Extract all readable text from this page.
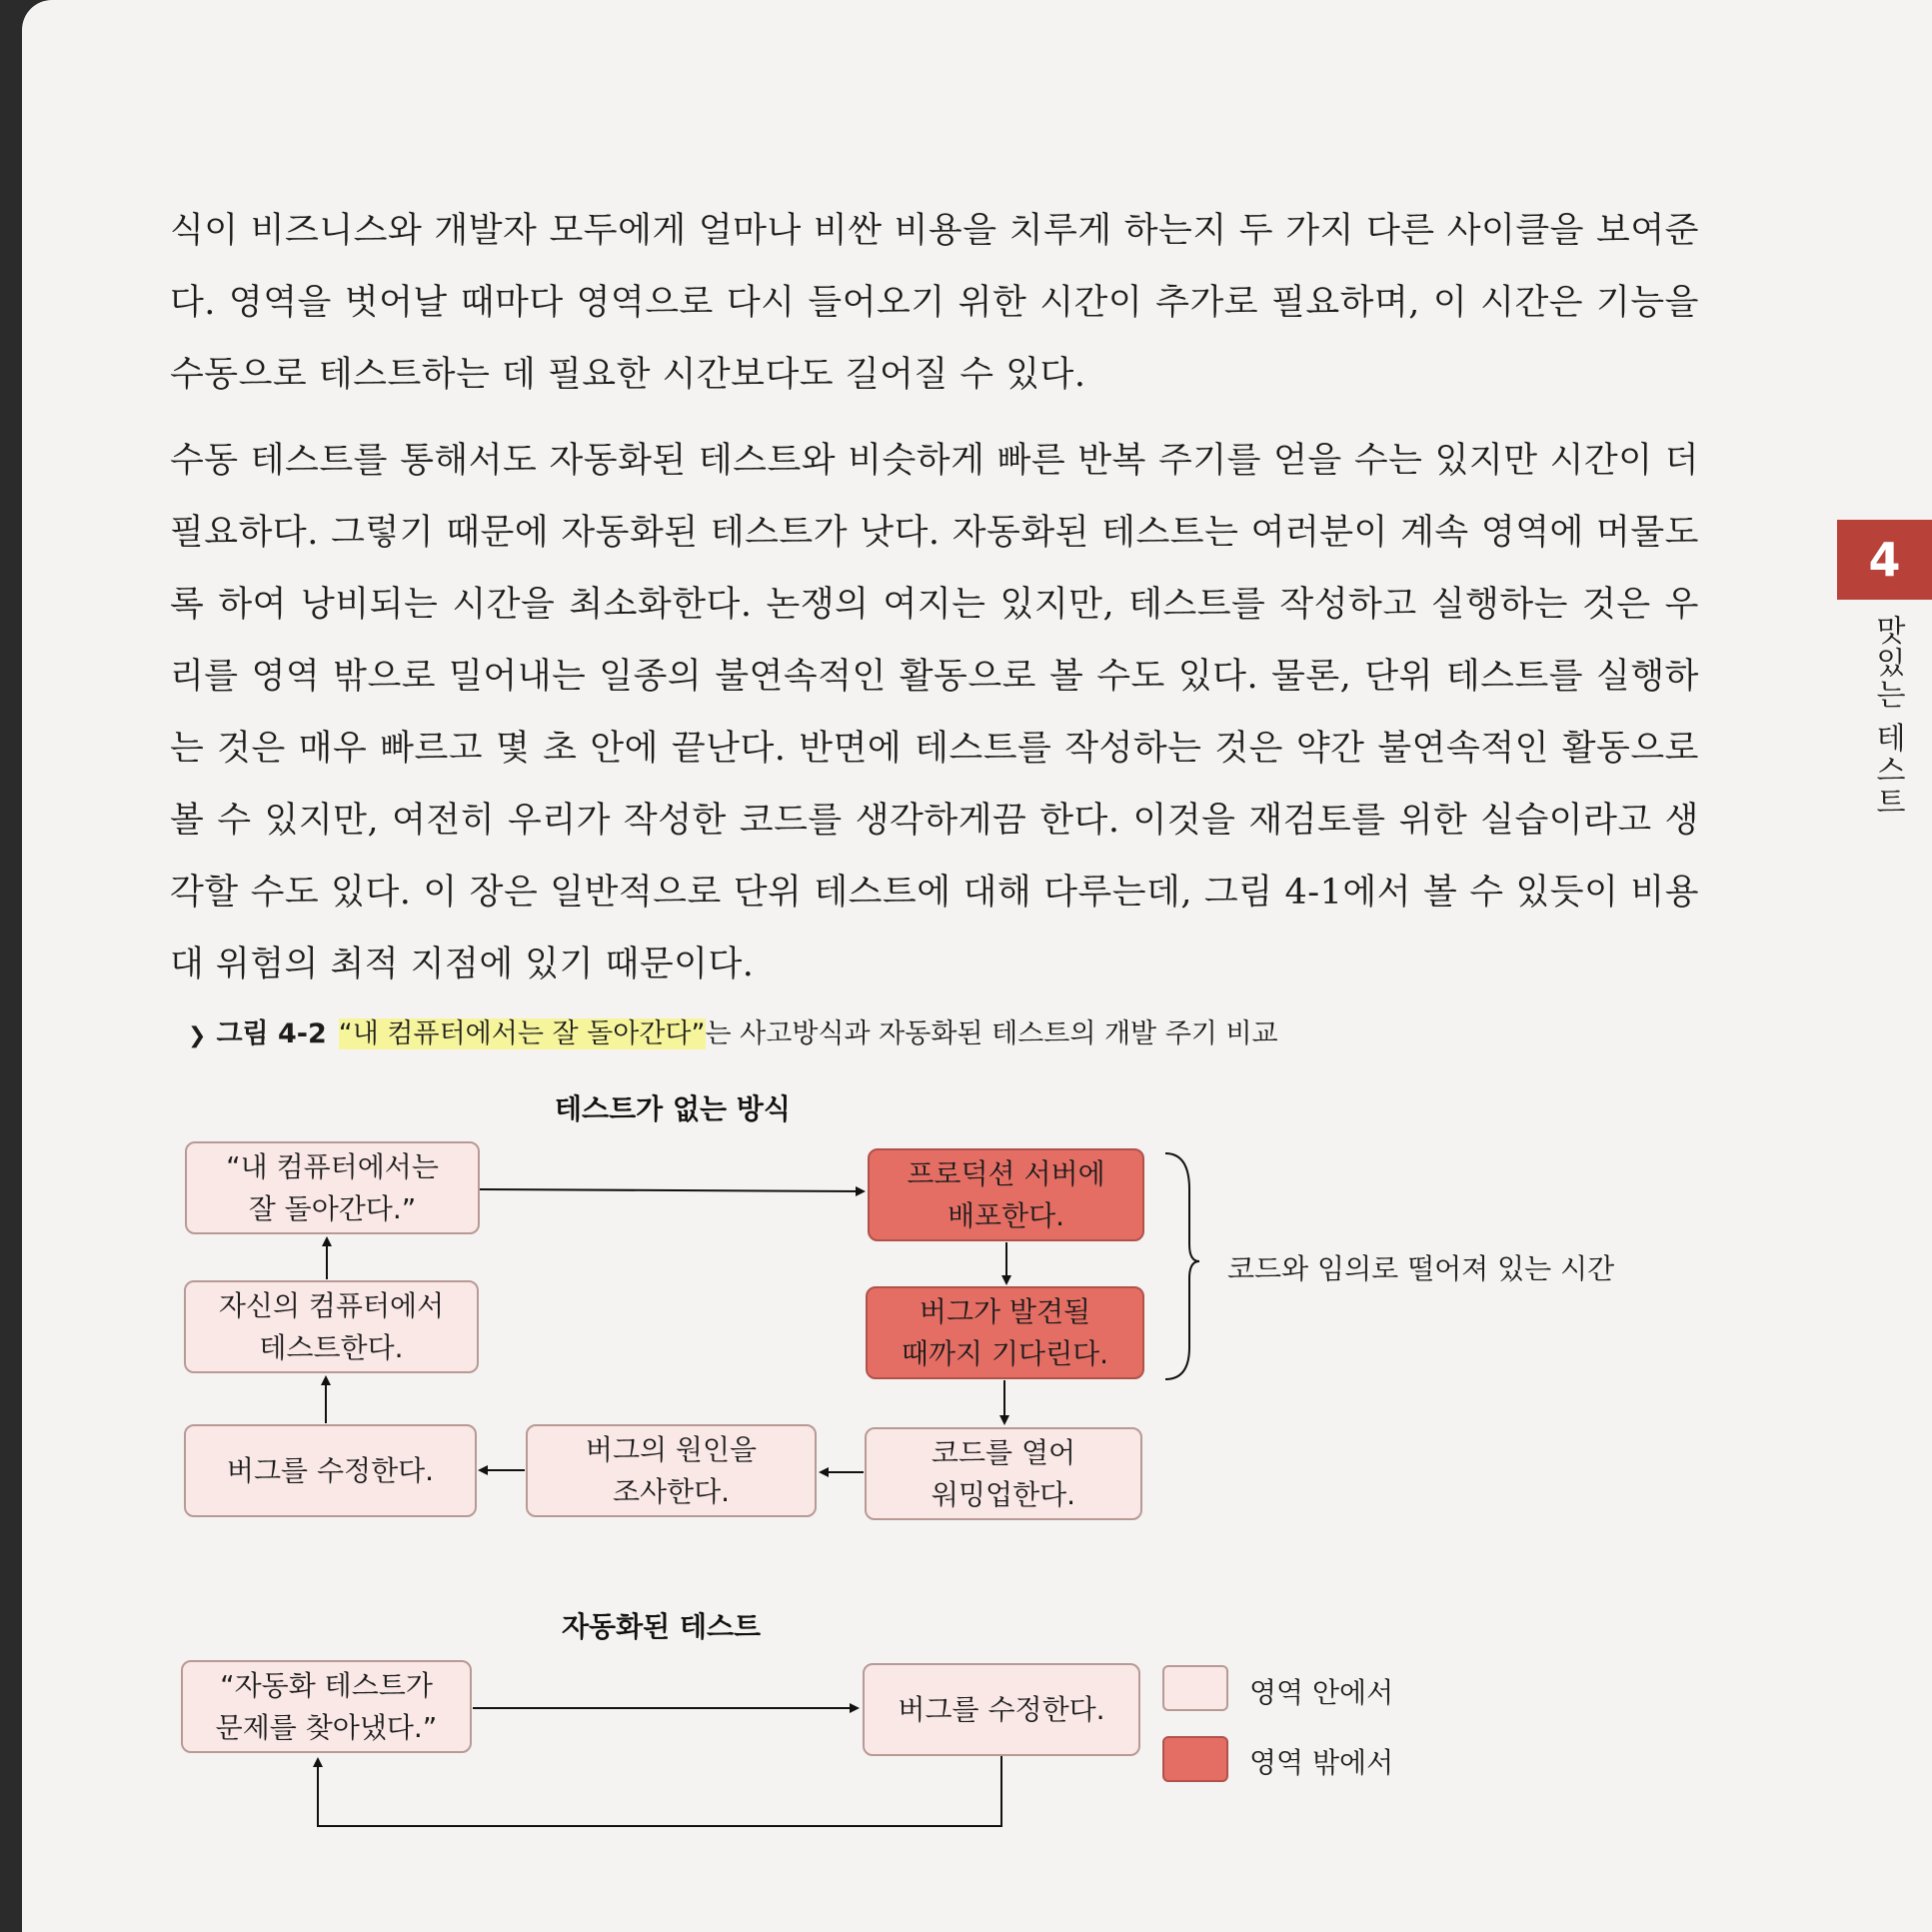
식이 비즈니스와 개발자 모두에게 얼마나 비싼 비용을 치루게 하는지 두 가지 다른 사이클을 보여준다. 영역을 벗어날 때마다 영역으로 다시 들어오기 위한 시간이 추가로 필요하며, 이 시간은 기능을 수동으로 테스트하는 데 필요한 시간보다도 길어질 수 있다.

수동 테스트를 통해서도 자동화된 테스트와 비슷하게 빠른 반복 주기를 얻을 수는 있지만 시간이 더 필요하다. 그렇기 때문에 자동화된 테스트가 낫다. 자동화된 테스트는 여러분이 계속 영역에 머물도록 하여 낭비되는 시간을 최소화한다. 논쟁의 여지는 있지만, 테스트를 작성하고 실행하는 것은 우리를 영역 밖으로 밀어내는 일종의 불연속적인 활동으로 볼 수도 있다. 물론, 단위 테스트를 실행하는 것은 매우 빠르고 몇 초 안에 끝난다. 반면에 테스트를 작성하는 것은 약간 불연속적인 활동으로 볼 수 있지만, 여전히 우리가 작성한 코드를 생각하게끔 한다. 이것을 재검토를 위한 실습이라고 생각할 수도 있다. 이 장은 일반적으로 단위 테스트에 대해 다루는데, 그림 4-1에서 볼 수 있듯이 비용 대 위험의 최적 지점에 있기 때문이다.

4
맛있는 테스트
❯ 그림 4-2 “내 컴퓨터에서는 잘 돌아간다”는 사고방식과 자동화된 테스트의 개발 주기 비교
테스트가 없는 방식
“내 컴퓨터에서는
잘 돌아간다.”
프로덕션 서버에
배포한다.
자신의 컴퓨터에서
테스트한다.
버그가 발견될
때까지 기다린다.
버그를 수정한다.
버그의 원인을
조사한다.
코드를 열어
워밍업한다.
코드와 임의로 떨어져 있는 시간
자동화된 테스트
“자동화 테스트가
문제를 찾아냈다.”
버그를 수정한다.	영역 안에서
영역 밖에서
